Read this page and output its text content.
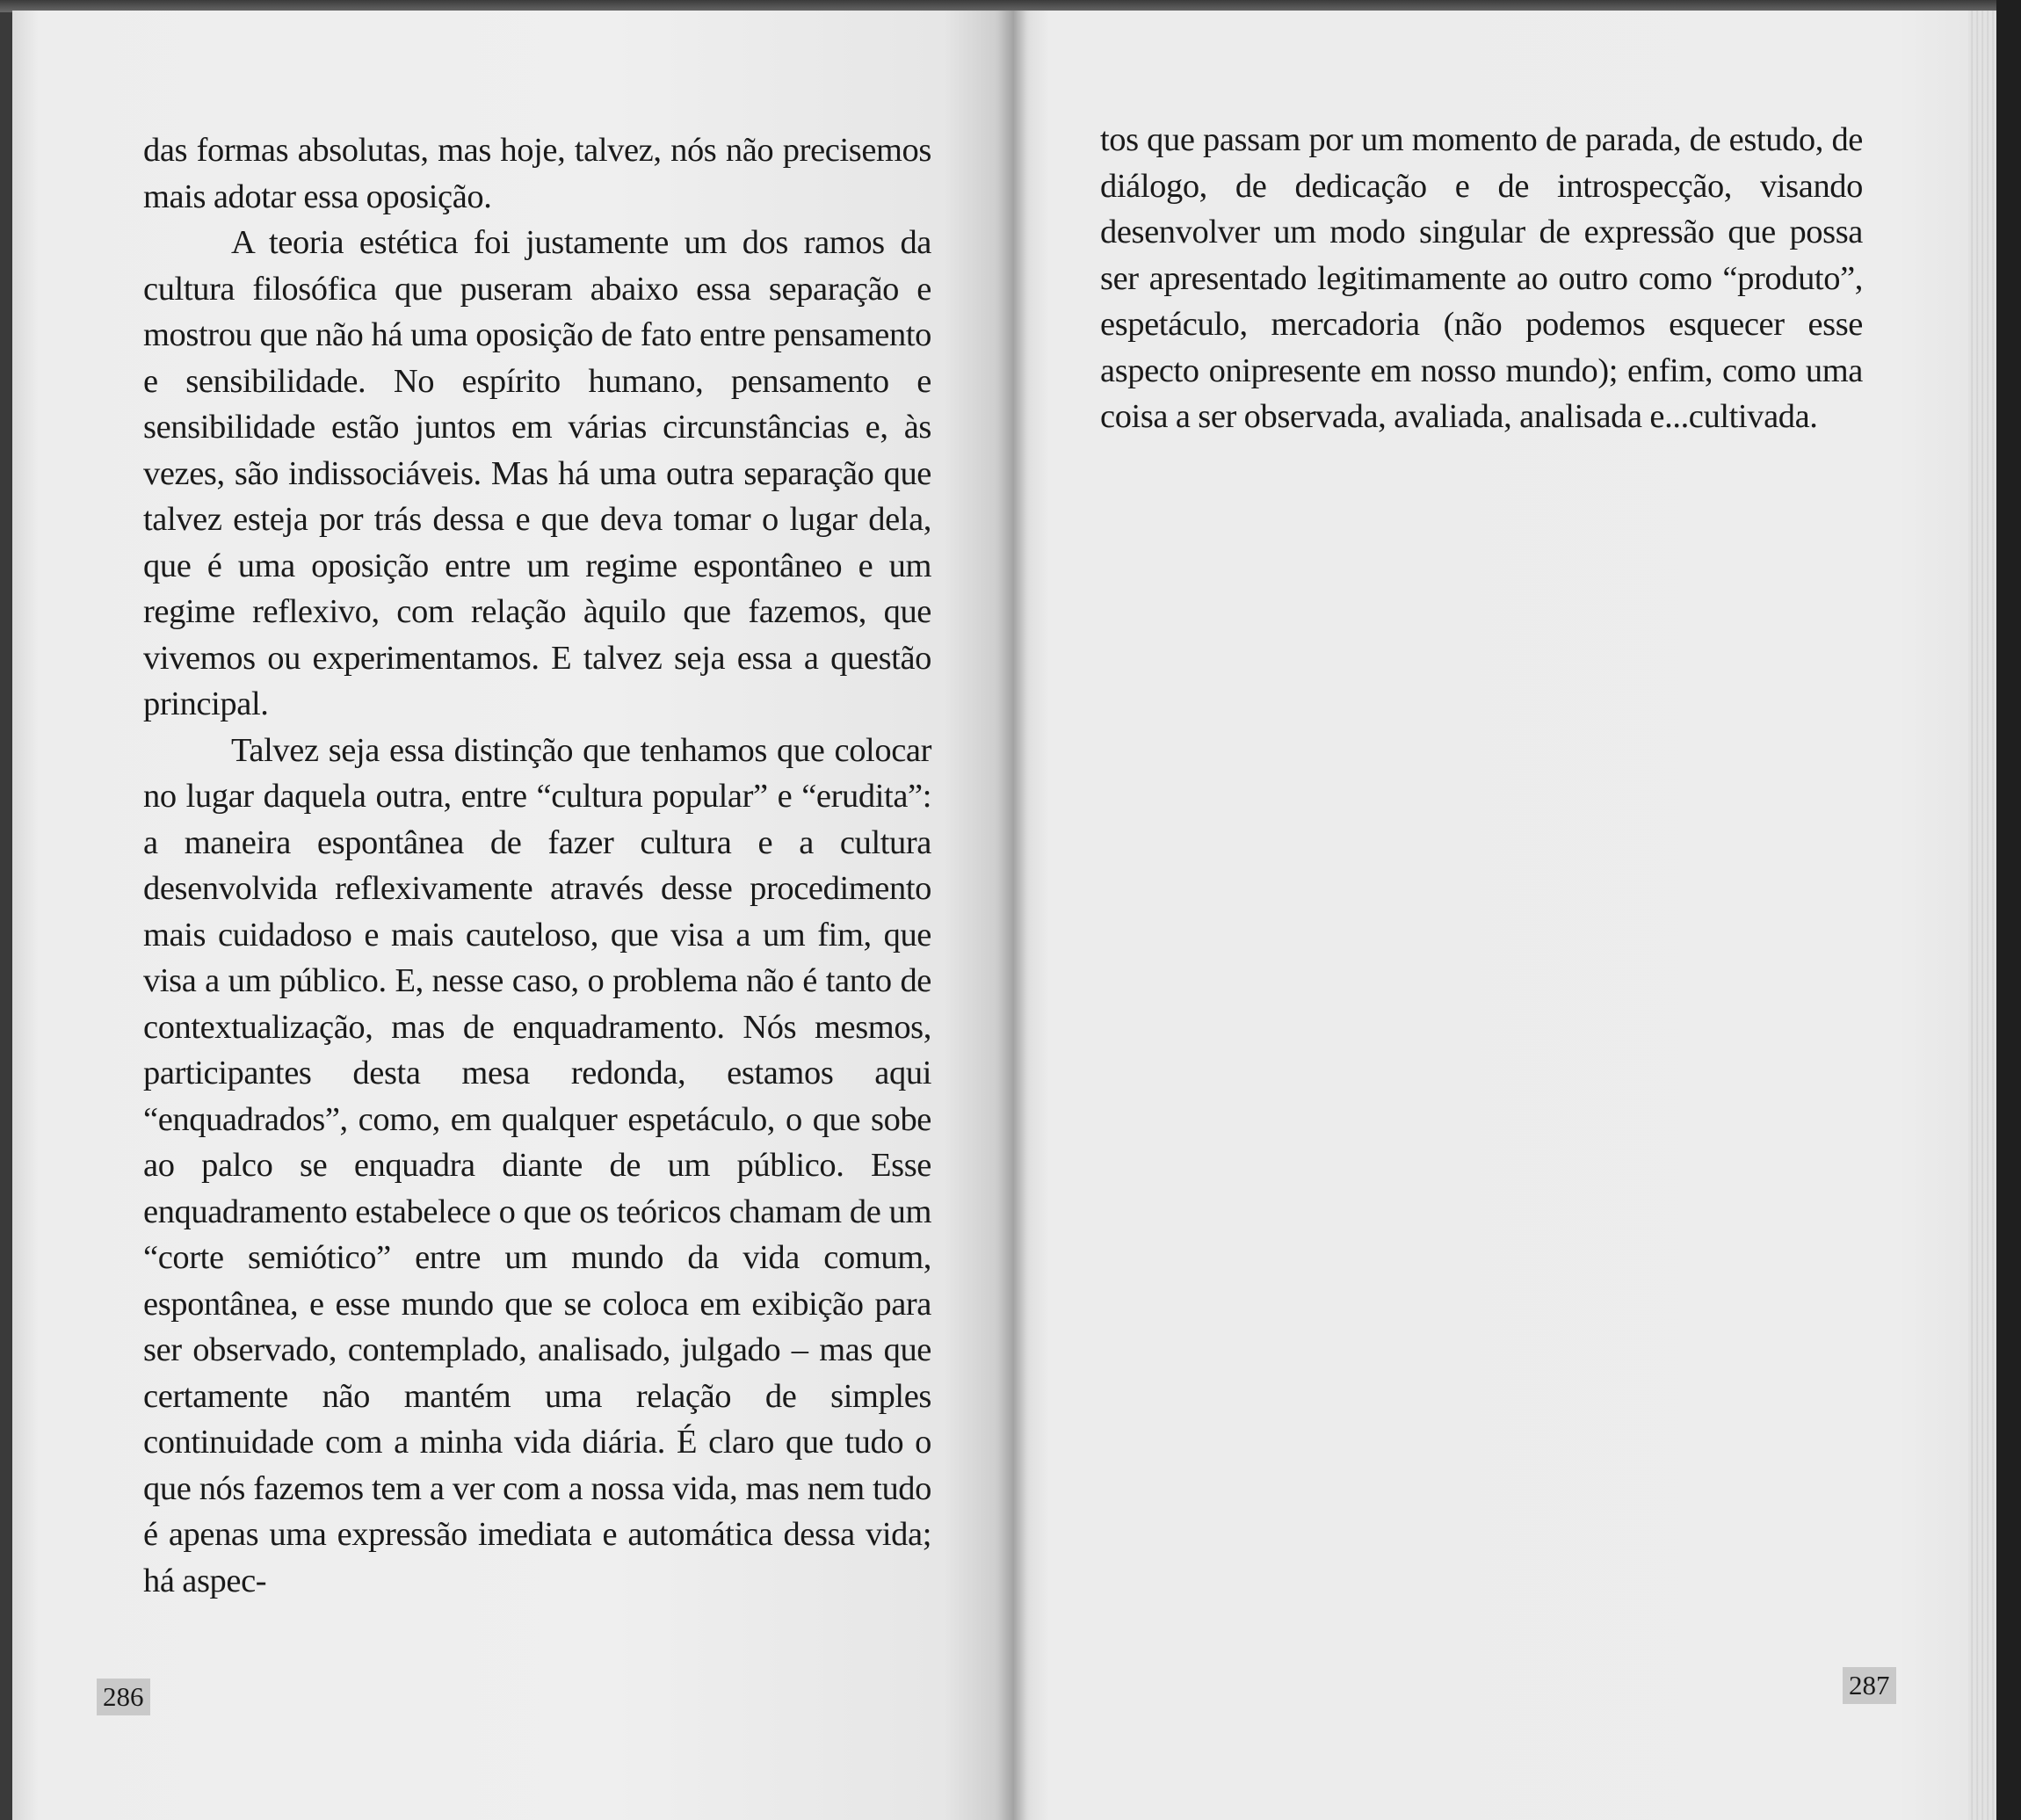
das formas absolutas, mas hoje, talvez, nós não precisemos mais adotar essa oposição.

A teoria estética foi justamente um dos ramos da cultura filosófica que puseram abaixo essa separação e mostrou que não há uma oposição de fato entre pensamento e sensibilidade. No espírito humano, pensamento e sensibilidade estão juntos em várias circunstâncias e, às vezes, são indissociáveis. Mas há uma outra separação que talvez esteja por trás dessa e que deva tomar o lugar dela, que é uma oposição entre um regime espontâneo e um regime reflexivo, com relação àquilo que fazemos, que vivemos ou experimentamos. E talvez seja essa a questão principal.

Talvez seja essa distinção que tenhamos que colocar no lugar daquela outra, entre “cultura popular” e “erudita”: a maneira espontânea de fazer cultura e a cultura desenvolvida reflexivamente através desse procedimento mais cuidadoso e mais cauteloso, que visa a um fim, que visa a um público. E, nesse caso, o problema não é tanto de contextualização, mas de enquadramento. Nós mesmos, participantes desta mesa redonda, estamos aqui “enquadrados”, como, em qualquer espetáculo, o que sobe ao palco se enquadra diante de um público. Esse enquadramento estabelece o que os teóricos chamam de um “corte semiótico” entre um mundo da vida comum, espontânea, e esse mundo que se coloca em exibição para ser observado, contemplado, analisado, julgado – mas que certamente não mantém uma relação de simples continuidade com a minha vida diária. É claro que tudo o que nós fazemos tem a ver com a nossa vida, mas nem tudo é apenas uma expressão imediata e automática dessa vida; há aspec-

tos que passam por um momento de parada, de estudo, de diálogo, de dedicação e de introspecção, visando desenvolver um modo singular de expressão que possa ser apresentado legitimamente ao outro como “produto”, espetáculo, mercadoria (não podemos esquecer esse aspecto onipresente em nosso mundo); enfim, como uma coisa a ser observada, avaliada, analisada e...cultivada.

286	287
